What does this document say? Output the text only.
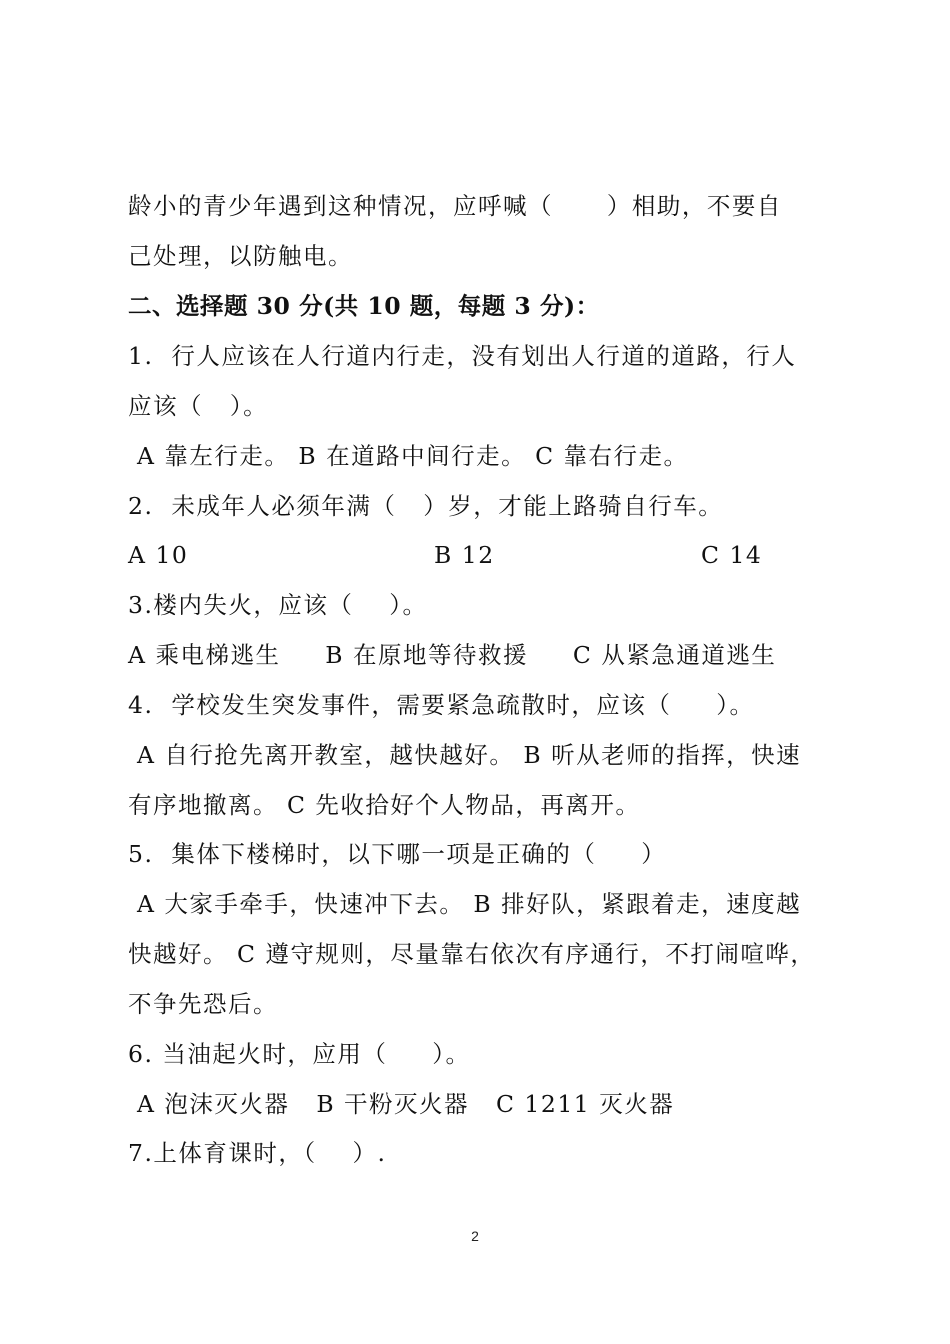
龄小的青少年遇到这种情况，应呼喊（      ）相助，不要自
己处理，以防触电。
二、选择题 30 分(共 10 题，每题 3 分)：
1.  行人应该在人行道内行走，没有划出人行道的道路，行人
应该（   ）。
A 靠左行走。 B 在道路中间行走。 C 靠右行走。
2.  未成年人必须年满（   ）岁，才能上路骑自行车。

A 10

	B 12

	C 14

3.楼内失火，应该（    ）。
A 乘电梯逃生     B 在原地等待救援     C 从紧急通道逃生
4.  学校发生突发事件，需要紧急疏散时，应该（     ）。
A 自行抢先离开教室，越快越好。 B 听从老师的指挥，快速
有序地撤离。 C 先收拾好个人物品，再离开。
5.  集体下楼梯时，以下哪一项是正确的（     ）
A 大家手牵手，快速冲下去。 B 排好队，紧跟着走，速度越
快越好。 C 遵守规则，尽量靠右依次有序通行，不打闹喧哗，
不争先恐后。
6. 当油起火时，应用（     ）。
A 泡沫灭火器   B 干粉灭火器   C 1211 灭火器
7.上体育课时，（    ）.
2
